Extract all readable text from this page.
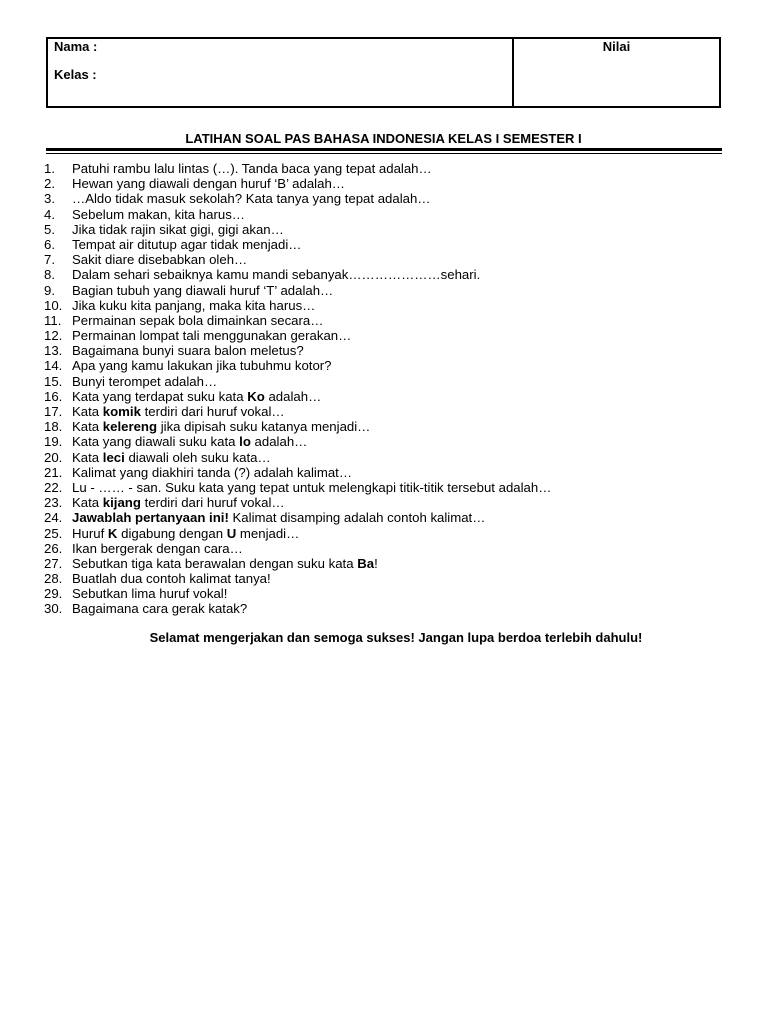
Nama :
Kelas :
Nilai
LATIHAN SOAL PAS BAHASA INDONESIA KELAS I SEMESTER I
1.	Patuhi rambu lalu lintas (…). Tanda baca yang tepat adalah…
2.	Hewan yang diawali dengan huruf ‘B’ adalah…
3.	…Aldo tidak masuk sekolah? Kata tanya yang tepat adalah…
4.	Sebelum makan, kita harus…
5.	Jika tidak rajin sikat gigi, gigi akan…
6.	Tempat air ditutup agar tidak menjadi…
7.	Sakit diare disebabkan oleh…
8.	Dalam sehari sebaiknya kamu mandi sebanyak…………………sehari.
9.	Bagian tubuh yang diawali huruf ‘T’ adalah…
10. Jika kuku kita panjang, maka kita harus…
11. Permainan sepak bola dimainkan secara…
12. Permainan lompat tali menggunakan gerakan…
13. Bagaimana bunyi suara balon meletus?
14. Apa yang kamu lakukan jika tubuhmu kotor?
15. Bunyi terompet adalah…
16. Kata yang terdapat suku kata Ko adalah…
17. Kata komik terdiri dari huruf vokal…
18. Kata kelereng jika dipisah suku katanya menjadi…
19. Kata yang diawali suku kata lo adalah…
20. Kata leci diawali oleh suku kata…
21. Kalimat yang diakhiri tanda (?) adalah kalimat…
22. Lu - …… - san. Suku kata yang tepat untuk melengkapi titik-titik tersebut adalah…
23. Kata kijang terdiri dari huruf vokal…
24. Jawablah pertanyaan ini! Kalimat disamping adalah contoh kalimat…
25. Huruf K digabung dengan U menjadi…
26. Ikan bergerak dengan cara…
27. Sebutkan tiga kata berawalan dengan suku kata Ba!
28. Buatlah dua contoh kalimat tanya!
29. Sebutkan lima huruf vokal!
30. Bagaimana cara gerak katak?
Selamat mengerjakan dan semoga sukses! Jangan lupa berdoa terlebih dahulu!
